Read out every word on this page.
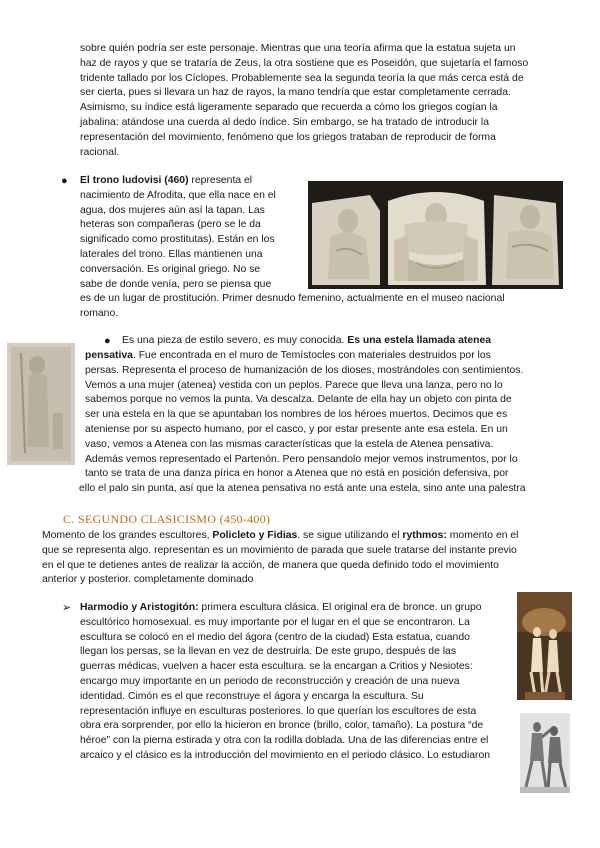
sobre quién podría ser este personaje. Mientras que una teoría afirma que la estatua sujeta un

haz de rayos y que se trataría de Zeus, la otra sostiene que es Poseidón, que sujetaría el famoso

tridente tallado por los Cíclopes. Probablemente sea la segunda teoría la que más cerca está de

ser cierta, pues si llevara un haz de rayos, la mano tendría que estar completamente cerrada.

Asimismo, su índice está ligeramente separado que recuerda a cómo los griegos cogían la

jabalina: atándose una cuerda al dedo índice. Sin embargo, se ha tratado de introducir la

representación del movimiento, fenómeno que los griegos trataban de reproducir de forma

racional.

● El trono ludovisi (460) representa el

nacimiento de Afrodita, que ella nace en el

agua, dos mujeres aún así la tapan. Las

heteras son compañeras (pero se le da

significado como prostitutas). Están en los

laterales del trono. Ellas mantienen una

conversación. Es original griego. No se

sabe de donde venía, pero se piensa que

es de un lugar de prostitución. Primer desnudo femenino, actualmente en el museo nacional

romano.

● Es una pieza de estilo severo, es muy conocida. Es una estela llamada atenea

pensativa. Fue encontrada en el muro de Temístocles con materiales destruidos por los

persas. Representa el proceso de humanización de los dioses, mostrándoles con sentimientos.

Vemos a una mujer (atenea) vestida con un peplos. Parece que lleva una lanza, pero no lo

sabemos porque no vemos la punta. Va descalza. Delante de ella hay un objeto con pinta de

ser una estela en la que se apuntaban los nombres de los héroes muertos. Decimos que es

ateniense por su aspecto humano, por el casco, y por estar presente ante esa estela. En un

vaso, vemos a Atenea con las mismas características que la estela de Atenea pensativa.

Además vemos representado el Partenón. Pero pensandolo mejor vemos instrumentos, por lo

tanto se trata de una danza pírica en honor a Atenea que no está en posición defensiva, por

ello el palo sin punta, así que la atenea pensativa no está ante una estela, sino ante una palestra

C. SEGUNDO CLASICISMO (450-400)

Momento de los grandes escultores, Policleto y Fidias. se sigue utilizando el rythmos: momento en el

que se representa algo. representan es un movimiento de parada que suele tratarse del instante previo

en el que te detienes antes de realizar la acción, de manera que queda definido todo el movimiento

anterior y posterior. completamente dominado

➢ Harmodio y Aristogitón: primera escultura clásica. El original era de bronce. un grupo

escultórico homosexual. es muy importante por el lugar en el que se encontraron. La

escultura se colocó en el medio del ágora (centro de la ciudad) Esta estatua, cuando

llegan los persas, se la llevan en vez de destruirla. De este grupo, después de las

guerras médicas, vuelven a hacer esta escultura. se la encargan a Critios y Nesiotes:

encargo muy importante en un periodo de reconstrucción y creación de una nueva

identidad. Cimón es el que reconstruye el ágora y encarga la escultura. Su

representación influye en esculturas posteriores. lo que querían los escultores de esta

obra era sorprender, por ello la hicieron en bronce (brillo, color, tamaño). La postura “de

héroe” con la pierna estirada y otra con la rodilla doblada. Una de las diferencias entre el

arcaico y el clásico es la introducción del movimiento en el periodo clásico. Lo estudiaron
